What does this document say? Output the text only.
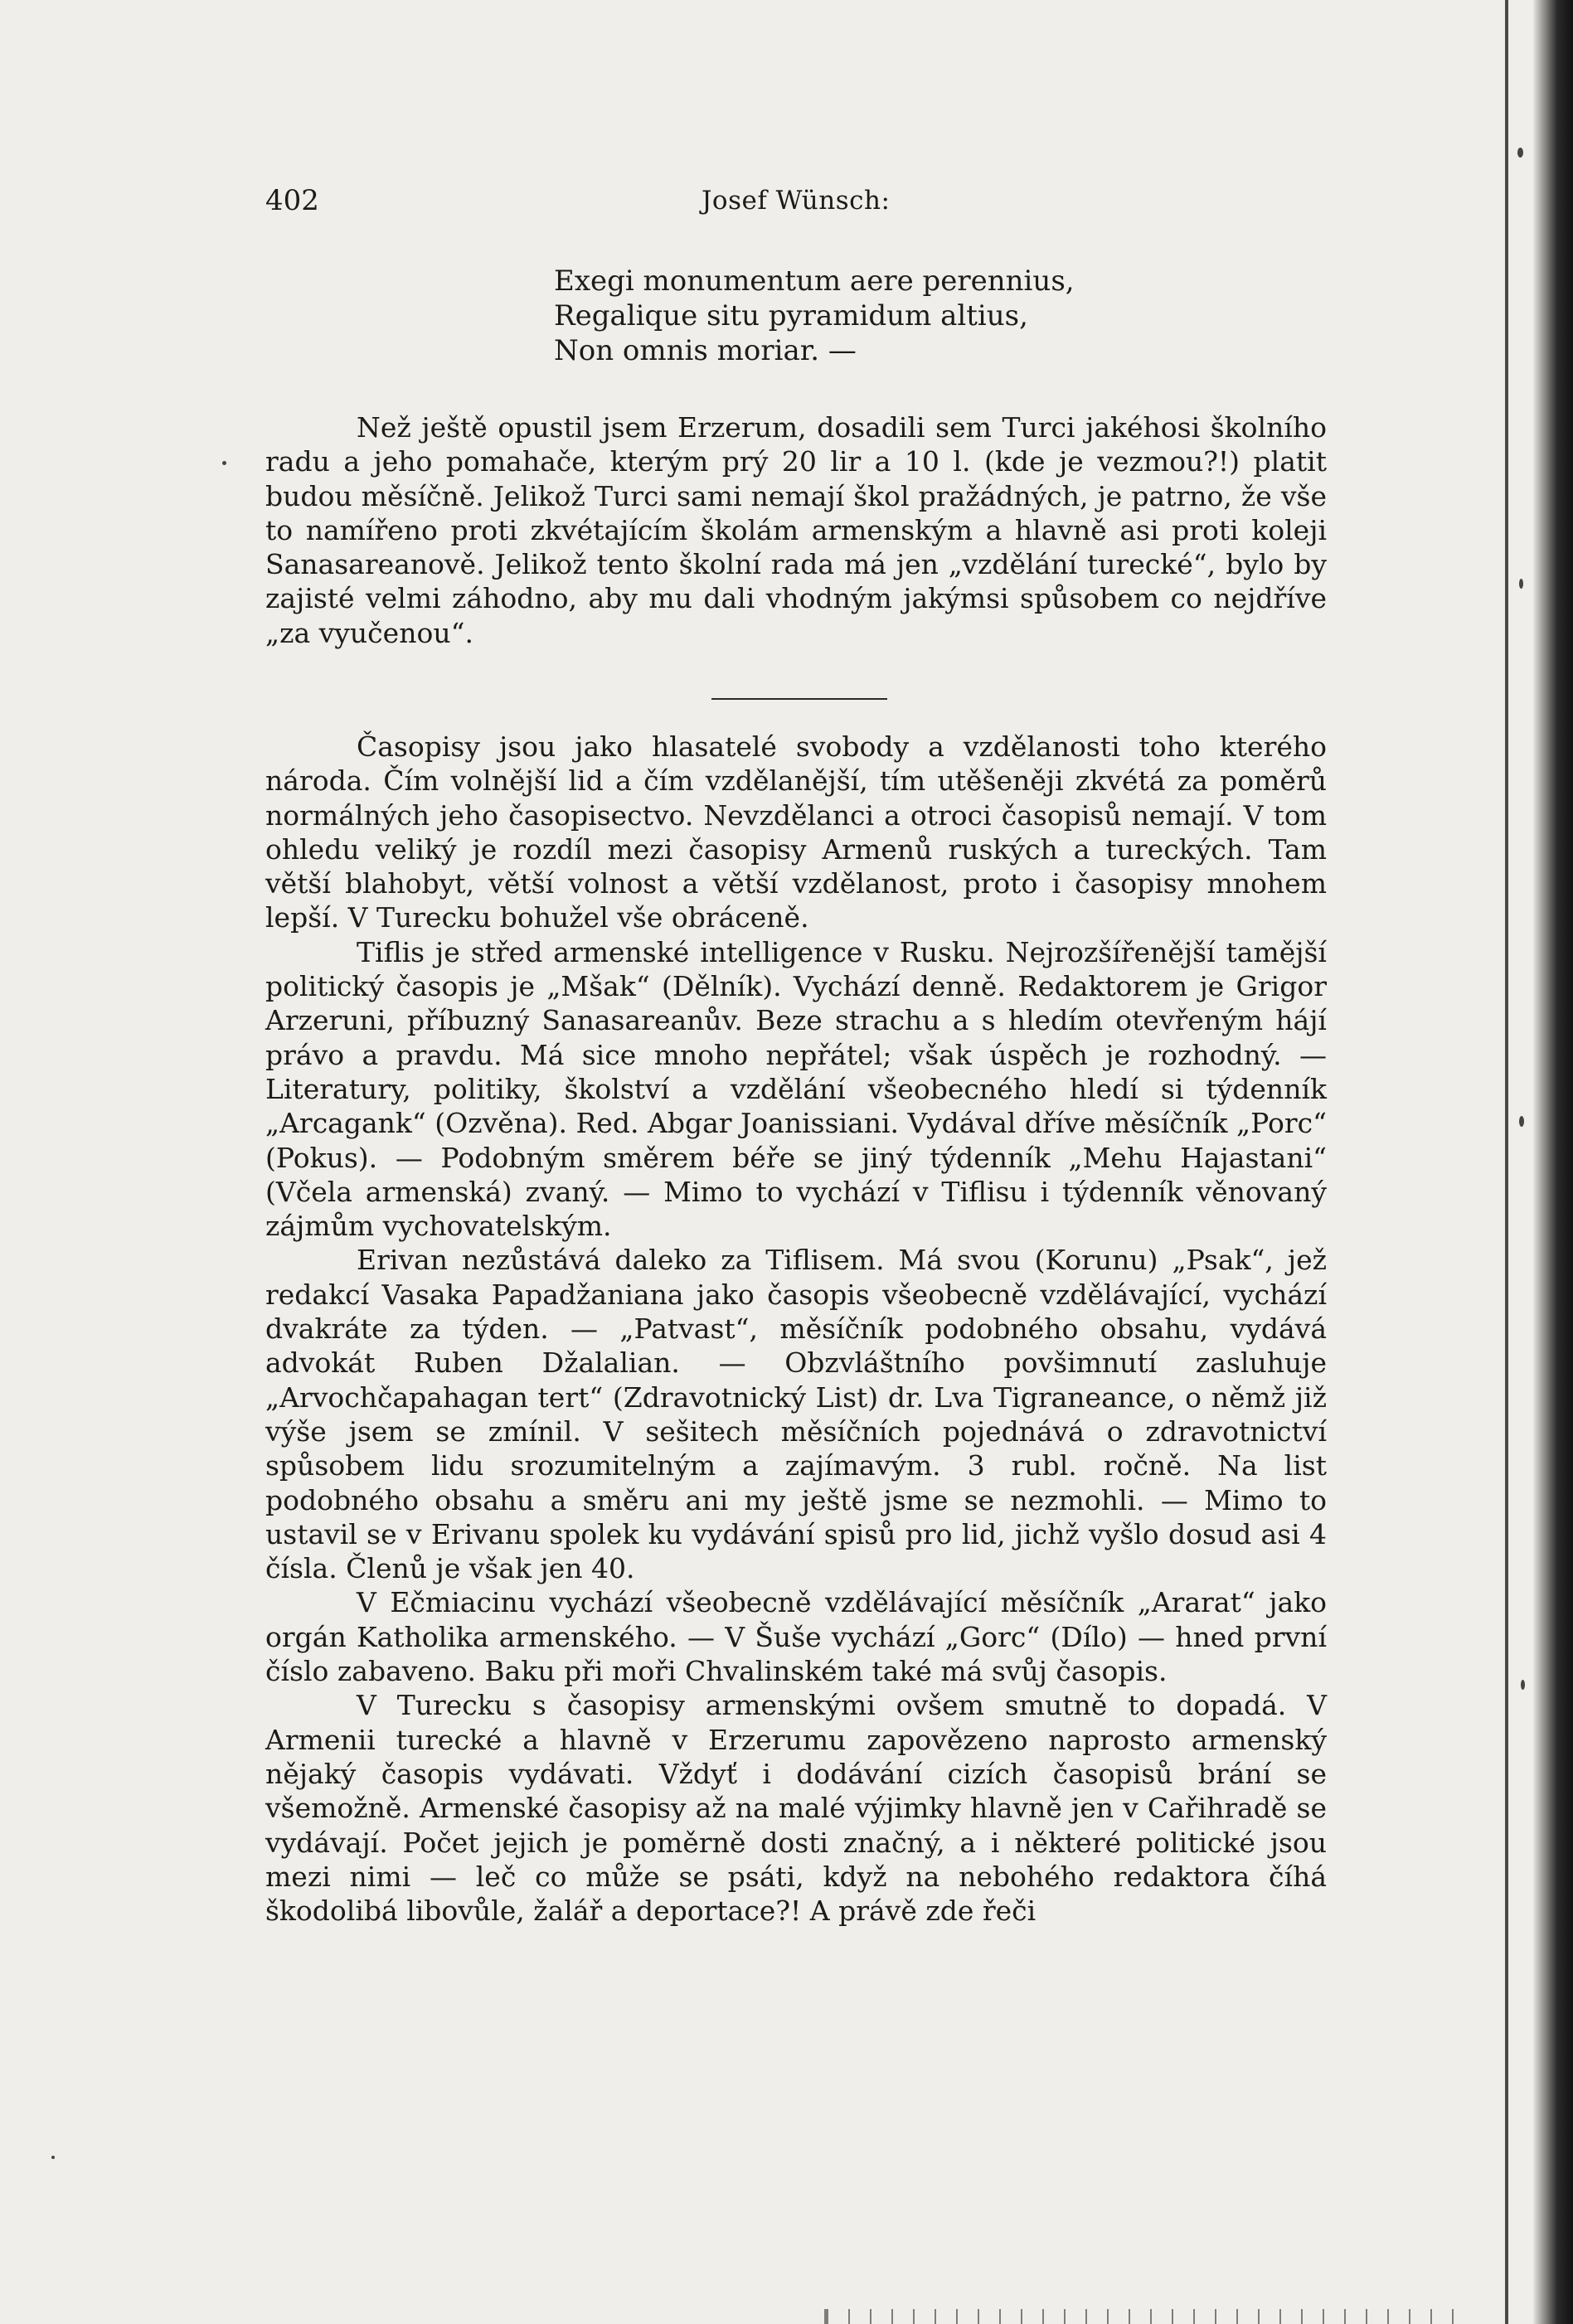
402	Josef Wünsch:
Exegi monumentum aere perennius,
Regalique situ pyramidum altius,
Non omnis moriar. —

Než ještě opustil jsem Erzerum, dosadili sem Turci jakéhosi školního radu a jeho pomahače, kterým prý 20 lir a 10 l. (kde je vezmou?!) platit budou měsíčně. Jelikož Turci sami nemají škol pražádných, je patrno, že vše to namířeno proti zkvétajícím školám armenským a hlavně asi proti koleji Sanasareanově. Jelikož tento školní rada má jen „vzdělání turecké“, bylo by zajisté velmi záhodno, aby mu dali vhodným jakýmsi spůsobem co nejdříve „za vyučenou“.

Časopisy jsou jako hlasatelé svobody a vzdělanosti toho kterého národa. Čím volnější lid a čím vzdělanější, tím utěšeněji zkvétá za poměrů normálných jeho časopisectvo. Nevzdělanci a otroci časopisů nemají. V tom ohledu veliký je rozdíl mezi časopisy Armenů ruských a tureckých. Tam větší blahobyt, větší volnost a větší vzdělanost, proto i časopisy mnohem lepší. V Turecku bohužel vše obráceně.

Tiflis je střed armenské intelligence v Rusku. Nejrozšířenější tamější politický časopis je „Mšak“ (Dělník). Vychází denně. Redaktorem je Grigor Arzeruni, příbuzný Sanasareanův. Beze strachu a s hledím otevřeným hájí právo a pravdu. Má sice mnoho nepřátel; však úspěch je rozhodný. — Literatury, politiky, školství a vzdělání všeobecného hledí si týdenník „Arcagank“ (Ozvěna). Red. Abgar Joanissiani. Vydával dříve měsíčník „Porc“ (Pokus). — Podobným směrem béře se jiný týdenník „Mehu Hajastani“ (Včela armenská) zvaný. — Mimo to vychází v Tiflisu i týdenník věnovaný zájmům vychovatelským.

Erivan nezůstává daleko za Tiflisem. Má svou (Korunu) „Psak“, jež redakcí Vasaka Papadžaniana jako časopis všeobecně vzdělávající, vychází dvakráte za týden. — „Patvast“, měsíčník podobného obsahu, vydává advokát Ruben Džalalian. — Obzvláštního povšimnutí zasluhuje „Arvochčapahagan tert“ (Zdravotnický List) dr. Lva Tigraneance, o němž již výše jsem se zmínil. V sešitech měsíčních pojednává o zdravotnictví spůsobem lidu srozumitelným a zajímavým. 3 rubl. ročně. Na list podobného obsahu a směru ani my ještě jsme se nezmohli. — Mimo to ustavil se v Erivanu spolek ku vydávání spisů pro lid, jichž vyšlo dosud asi 4 čísla. Členů je však jen 40.

V Ečmiacinu vychází všeobecně vzdělávající měsíčník „Ararat“ jako orgán Katholika armenského. — V Šuše vychází „Gorc“ (Dílo) — hned první číslo zabaveno. Baku při moři Chvalinském také má svůj časopis.

V Turecku s časopisy armenskými ovšem smutně to dopadá. V Armenii turecké a hlavně v Erzerumu zapovězeno naprosto armenský nějaký časopis vydávati. Vždyť i dodávání cizích časopisů brání se všemožně. Armenské časopisy až na malé výjimky hlavně jen v Cařihradě se vydávají. Počet jejich je poměrně dosti značný, a i některé politické jsou mezi nimi — leč co může se psáti, když na nebohého redaktora číhá škodolibá libovůle, žalář a deportace?! A právě zde řeči
